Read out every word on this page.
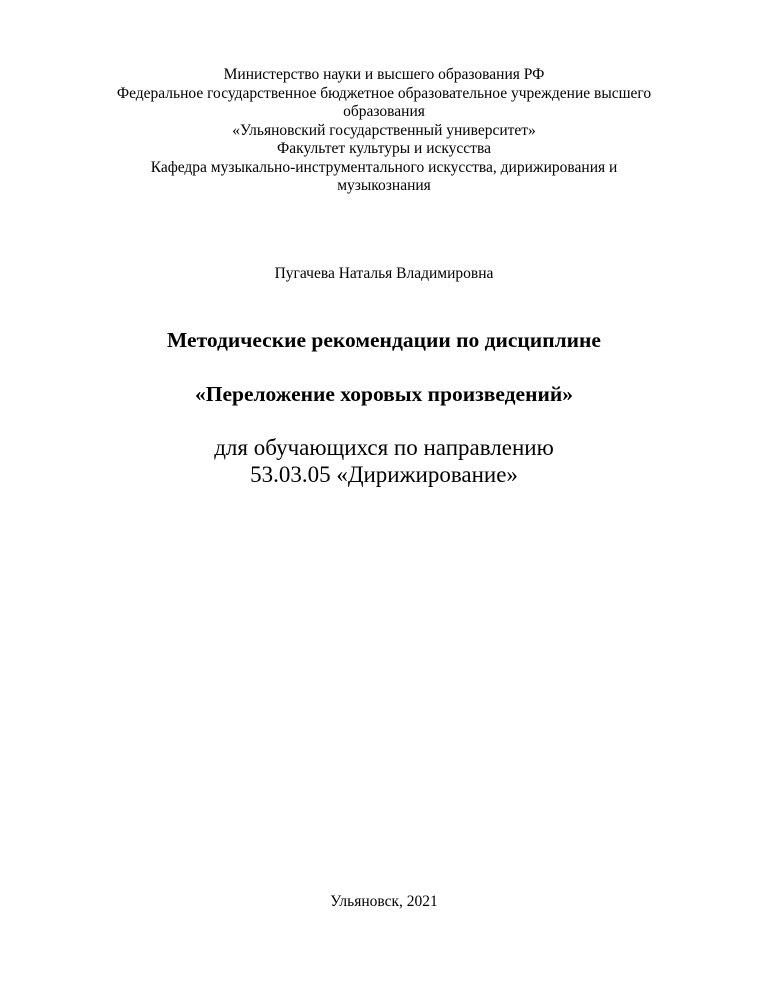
Министерство науки и высшего образования РФ
Федеральное государственное бюджетное образовательное учреждение высшего
образования
«Ульяновский государственный университет»
Факультет культуры и искусства
Кафедра музыкально-инструментального искусства, дирижирования и
музыкознания
Пугачева Наталья Владимировна
Методические рекомендации по дисциплине
«Переложение хоровых произведений»
для обучающихся по направлению
53.03.05 «Дирижирование»
Ульяновск, 2021
